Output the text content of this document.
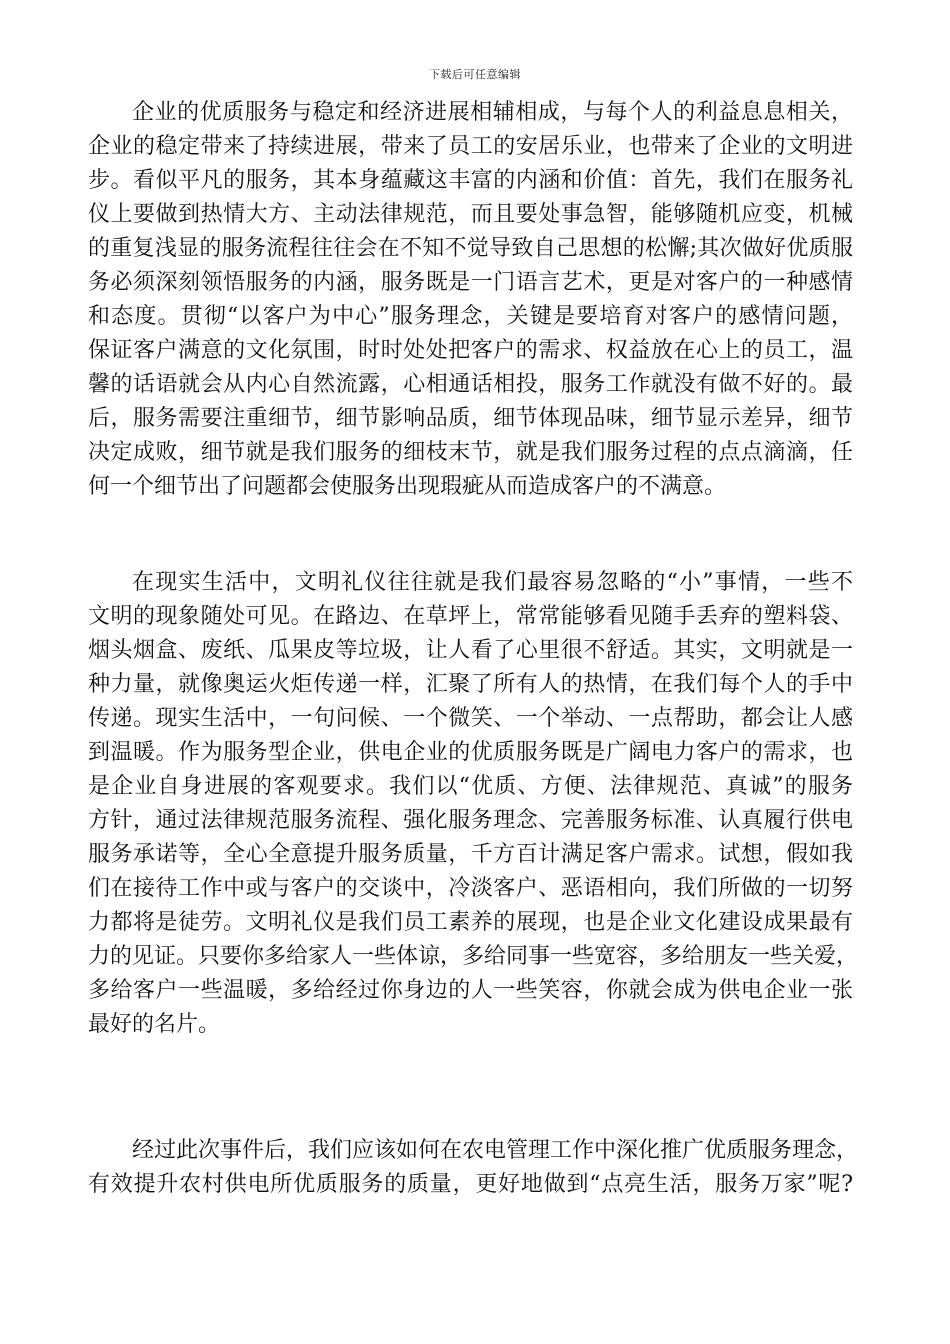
下载后可任意编辑
企业的优质服务与稳定和经济进展相辅相成，与每个人的利益息息相关，
企业的稳定带来了持续进展，带来了员工的安居乐业，也带来了企业的文明进
步。看似平凡的服务，其本身蕴藏这丰富的内涵和价值：首先，我们在服务礼
仪上要做到热情大方、主动法律规范，而且要处事急智，能够随机应变，机械
的重复浅显的服务流程往往会在不知不觉导致自己思想的松懈;其次做好优质服
务必须深刻领悟服务的内涵，服务既是一门语言艺术，更是对客户的一种感情
和态度。贯彻“以客户为中心”服务理念，关键是要培育对客户的感情问题，
保证客户满意的文化氛围，时时处处把客户的需求、权益放在心上的员工，温
馨的话语就会从内心自然流露，心相通话相投，服务工作就没有做不好的。最
后，服务需要注重细节，细节影响品质，细节体现品味，细节显示差异，细节
决定成败，细节就是我们服务的细枝末节，就是我们服务过程的点点滴滴，任
何一个细节出了问题都会使服务出现瑕疵从而造成客户的不满意。
在现实生活中，文明礼仪往往就是我们最容易忽略的“小”事情，一些不
文明的现象随处可见。在路边、在草坪上，常常能够看见随手丢弃的塑料袋、
烟头烟盒、废纸、瓜果皮等垃圾，让人看了心里很不舒适。其实，文明就是一
种力量，就像奥运火炬传递一样，汇聚了所有人的热情，在我们每个人的手中
传递。现实生活中，一句问候、一个微笑、一个举动、一点帮助，都会让人感
到温暖。作为服务型企业，供电企业的优质服务既是广阔电力客户的需求，也
是企业自身进展的客观要求。我们以“优质、方便、法律规范、真诚”的服务
方针，通过法律规范服务流程、强化服务理念、完善服务标准、认真履行供电
服务承诺等，全心全意提升服务质量，千方百计满足客户需求。试想，假如我
们在接待工作中或与客户的交谈中，冷淡客户、恶语相向，我们所做的一切努
力都将是徒劳。文明礼仪是我们员工素养的展现，也是企业文化建设成果最有
力的见证。只要你多给家人一些体谅，多给同事一些宽容，多给朋友一些关爱，
多给客户一些温暖，多给经过你身边的人一些笑容，你就会成为供电企业一张
最好的名片。
经过此次事件后，我们应该如何在农电管理工作中深化推广优质服务理念，
有效提升农村供电所优质服务的质量，更好地做到“点亮生活，服务万家”呢?
